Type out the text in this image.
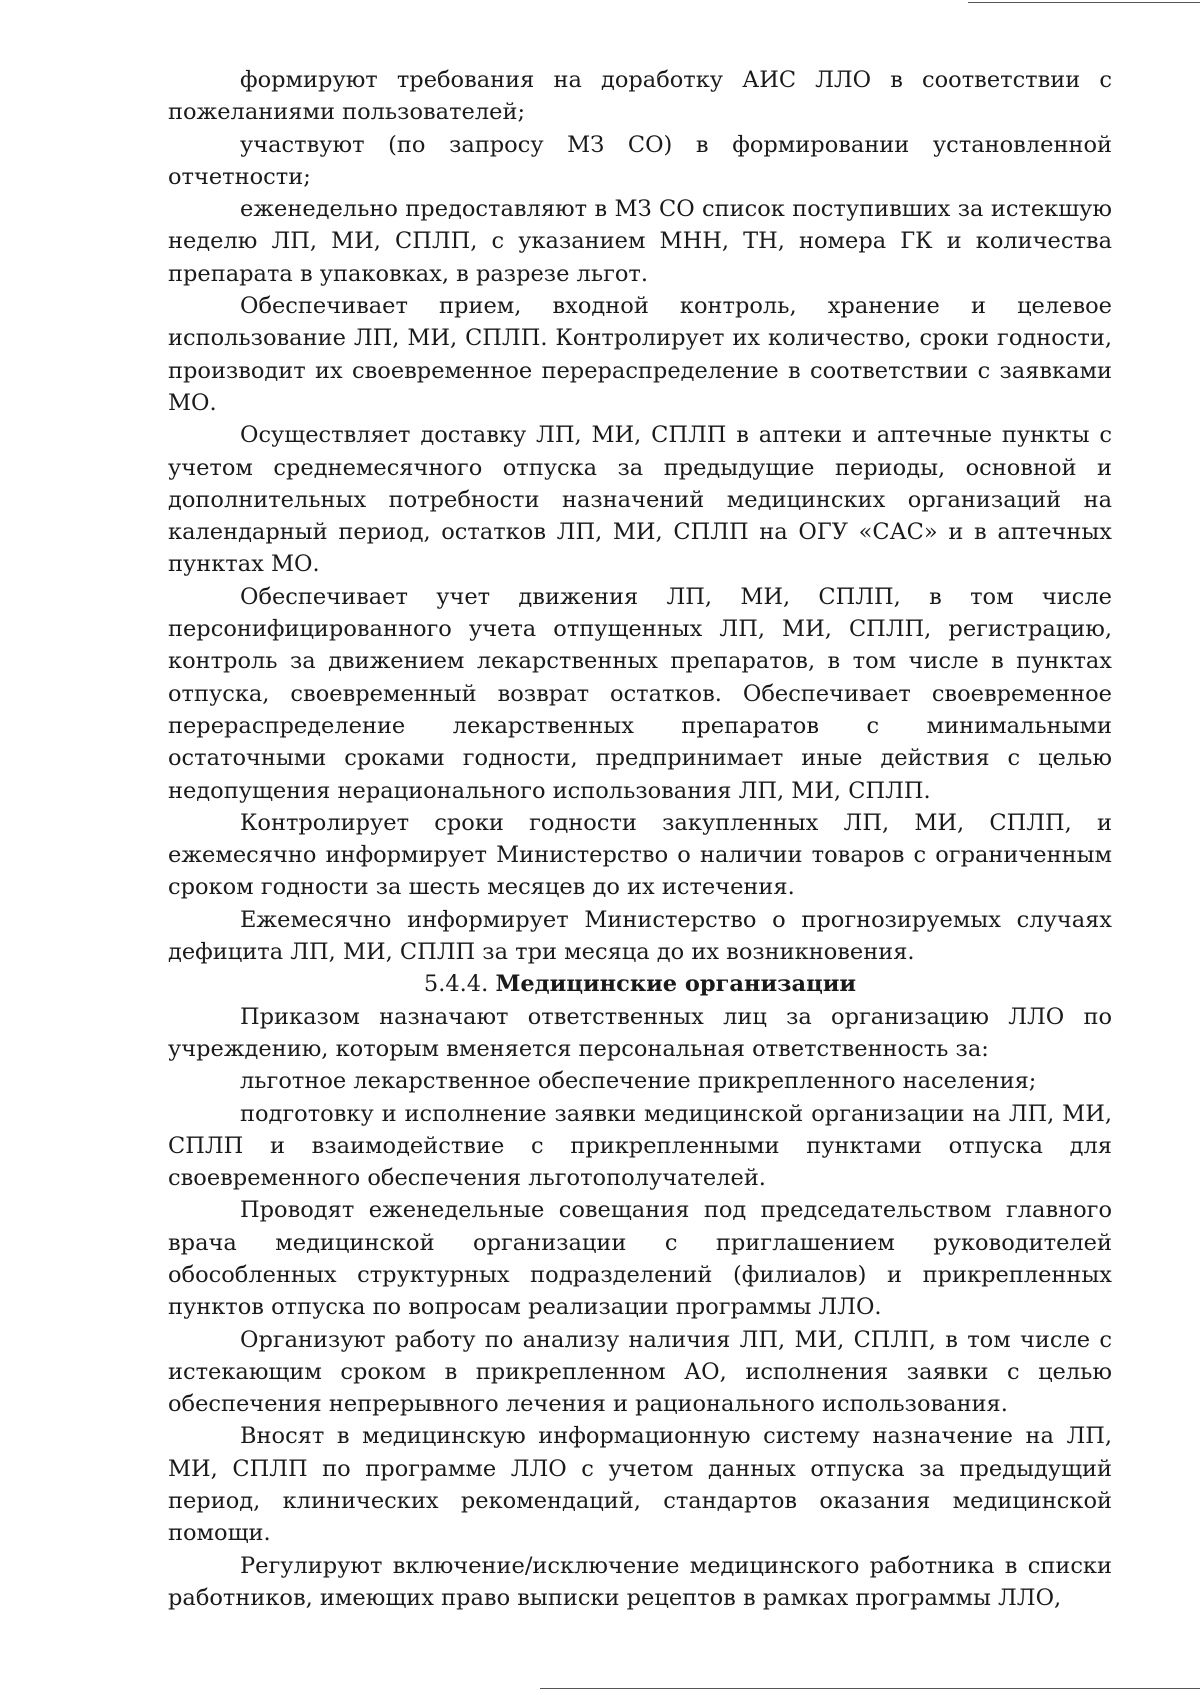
формируют требования на доработку АИС ЛЛО в соответствии с пожеланиями пользователей;

участвуют (по запросу МЗ СО) в формировании установленной отчетности;

еженедельно предоставляют в МЗ СО список поступивших за истекшую неделю ЛП, МИ, СПЛП, с указанием МНН, ТН, номера ГК и количества препарата в упаковках, в разрезе льгот.

Обеспечивает прием, входной контроль, хранение и целевое использование ЛП, МИ, СПЛП. Контролирует их количество, сроки годности, производит их своевременное перераспределение в соответствии с заявками МО.

Осуществляет доставку ЛП, МИ, СПЛП в аптеки и аптечные пункты с учетом среднемесячного отпуска за предыдущие периоды, основной и дополнительных потребности назначений медицинских организаций на календарный период, остатков ЛП, МИ, СПЛП на ОГУ «САС» и в аптечных пунктах МО.

Обеспечивает учет движения ЛП, МИ, СПЛП, в том числе персонифицированного учета отпущенных ЛП, МИ, СПЛП, регистрацию, контроль за движением лекарственных препаратов, в том числе в пунктах отпуска, своевременный возврат остатков. Обеспечивает своевременное перераспределение лекарственных препаратов с минимальными остаточными сроками годности, предпринимает иные действия с целью недопущения нерационального использования ЛП, МИ, СПЛП.

Контролирует сроки годности закупленных ЛП, МИ, СПЛП, и ежемесячно информирует Министерство о наличии товаров с ограниченным сроком годности за шесть месяцев до их истечения.

Ежемесячно информирует Министерство о прогнозируемых случаях дефицита ЛП, МИ, СПЛП за три месяца до их возникновения.

5.4.4. Медицинские организации

Приказом назначают ответственных лиц за организацию ЛЛО по учреждению, которым вменяется персональная ответственность за:

льготное лекарственное обеспечение прикрепленного населения;

подготовку и исполнение заявки медицинской организации на ЛП, МИ, СПЛП и взаимодействие с прикрепленными пунктами отпуска для своевременного обеспечения льготополучателей.

Проводят еженедельные совещания под председательством главного врача медицинской организации с приглашением руководителей обособленных структурных подразделений (филиалов) и прикрепленных пунктов отпуска по вопросам реализации программы ЛЛО.

Организуют работу по анализу наличия ЛП, МИ, СПЛП, в том числе с истекающим сроком в прикрепленном АО, исполнения заявки с целью обеспечения непрерывного лечения и рационального использования.

Вносят в медицинскую информационную систему назначение на ЛП, МИ, СПЛП по программе ЛЛО с учетом данных отпуска за предыдущий период, клинических рекомендаций, стандартов оказания медицинской помощи.

Регулируют включение/исключение медицинского работника в списки работников, имеющих право выписки рецептов в рамках программы ЛЛО,
